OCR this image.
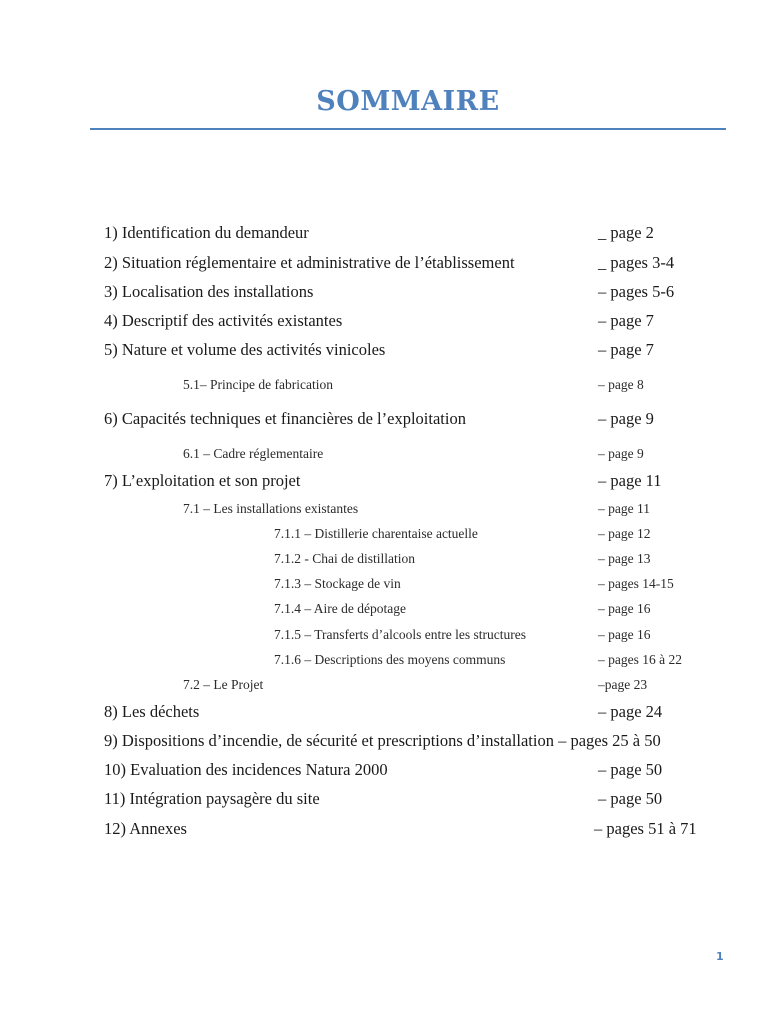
SOMMAIRE
1) Identification du demandeur	_ page 2
2) Situation réglementaire et administrative de l’établissement	_ pages 3-4
3) Localisation des installations	– pages 5-6
4) Descriptif des activités existantes	– page 7
5) Nature et volume des activités vinicoles	– page 7
5.1– Principe de fabrication	– page 8
6) Capacités techniques et financières de l’exploitation	– page 9
6.1 – Cadre réglementaire	– page 9
7) L’exploitation et son projet	– page 11
7.1 – Les installations existantes	– page 11
7.1.1 – Distillerie charentaise actuelle	– page 12
7.1.2 - Chai de distillation	– page 13
7.1.3 – Stockage de vin	– pages 14-15
7.1.4 – Aire de dépotage	– page 16
7.1.5 – Transferts d’alcools entre les structures	– page 16
7.1.6 – Descriptions des moyens communs	– pages 16 à 22
7.2 – Le Projet	–page 23
8) Les déchets	– page 24
9) Dispositions d’incendie, de sécurité et prescriptions d’installation – pages 25 à 50
10) Evaluation des incidences Natura 2000	– page 50
11) Intégration paysagère du site	– page 50
12) Annexes	– pages 51 à 71
1
